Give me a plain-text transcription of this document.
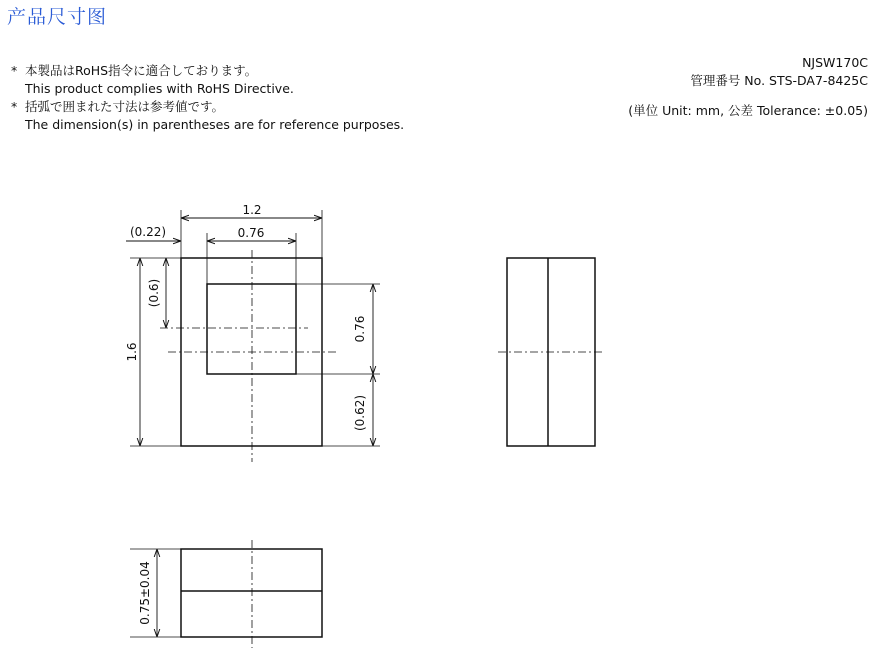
产品尺寸图
* 本製品はRoHS指令に適合しております。
This product complies with RoHS Directive.
* 括弧で囲まれた寸法は参考値です。
The dimension(s) in parentheses are for reference purposes.
NJSW170C
管理番号 No. STS-DA7-8425C
(単位 Unit: mm, 公差 Tolerance: ±0.05)
1.2
0.76
(0.22)
1.6
(0.6)
0.76
(0.62)
0.75±0.04
